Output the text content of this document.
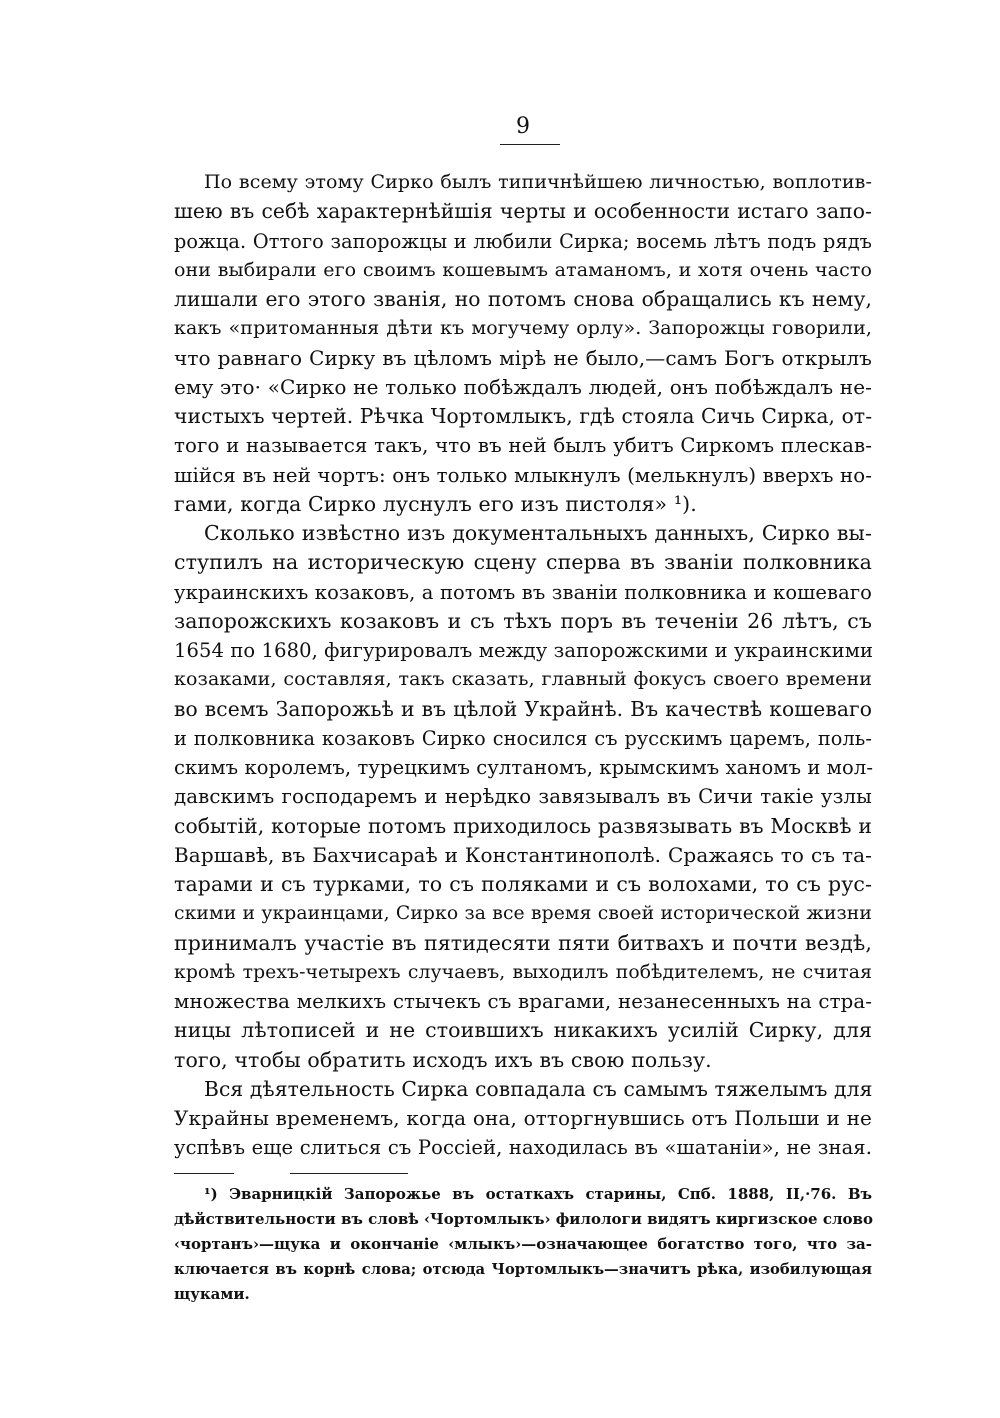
9
По всему этому Сирко былъ типичнѣйшею личностью, воплотив-
шею въ себѣ характернѣйшія черты и особенности истаго запо-
рожца. Оттого запорожцы и любили Сирка; восемь лѣтъ подъ рядъ
они выбирали его своимъ кошевымъ атаманомъ, и хотя очень часто
лишали его этого званія, но потомъ снова обращались къ нему,
какъ «притоманныя дѣти къ могучему орлу». Запорожцы говорили,
что равнаго Сирку въ цѣломъ мірѣ не было,—самъ Богъ открылъ
ему это· «Сирко не только побѣждалъ людей, онъ побѣждалъ не-
чистыхъ чертей. Рѣчка Чортомлыкъ, гдѣ стояла Сичь Сирка, от-
того и называется такъ, что въ ней былъ убитъ Сиркомъ плескав-
шійся въ ней чортъ: онъ только млыкнулъ (мелькнулъ) вверхъ но-
гами, когда Сирко луснулъ его изъ пистоля» ¹).
Сколько извѣстно изъ документальныхъ данныхъ, Сирко вы-
ступилъ на историческую сцену сперва въ званіи полковника
украинскихъ козаковъ, а потомъ въ званіи полковника и кошеваго
запорожскихъ козаковъ и съ тѣхъ поръ въ теченіи 26 лѣтъ, съ
1654 по 1680, фигурировалъ между запорожскими и украинскими
козаками, составляя, такъ сказать, главный фокусъ своего времени
во всемъ Запорожьѣ и въ цѣлой Украйнѣ. Въ качествѣ кошеваго
и полковника козаковъ Сирко сносился съ русскимъ царемъ, поль-
скимъ королемъ, турецкимъ султаномъ, крымскимъ ханомъ и мол-
давскимъ господаремъ и нерѣдко завязывалъ въ Сичи такіе узлы
событій, которые потомъ приходилось развязывать въ Москвѣ и
Варшавѣ, въ Бахчисараѣ и Константинополѣ. Сражаясь то съ та-
тарами и съ турками, то съ поляками и съ волохами, то съ рус-
скими и украинцами, Сирко за все время своей исторической жизни
принималъ участіе въ пятидесяти пяти битвахъ и почти вездѣ,
кромѣ трехъ-четырехъ случаевъ, выходилъ побѣдителемъ, не считая
множества мелкихъ стычекъ съ врагами, незанесенныхъ на стра-
ницы лѣтописей и не стоившихъ никакихъ усилій Сирку, для
того, чтобы обратить исходъ ихъ въ свою пользу.
Вся дѣятельность Сирка совпадала съ самымъ тяжелымъ для
Украйны временемъ, когда она, отторгнувшись отъ Польши и не
успѣвъ еще слиться съ Россіей, находилась въ «шатаніи», не зная.
¹) Эварницкій Запорожье въ остаткахъ старины, Спб. 1888, II,·76. Въ
дѣйствительности въ словѣ ‹Чортомлыкъ› филологи видятъ киргизское слово
‹чортанъ›—щука и окончаніе ‹млыкъ›—означающее богатство того, что за-
ключается въ корнѣ слова; отсюда Чортомлыкъ—значитъ рѣка, изобилующая
щуками.
